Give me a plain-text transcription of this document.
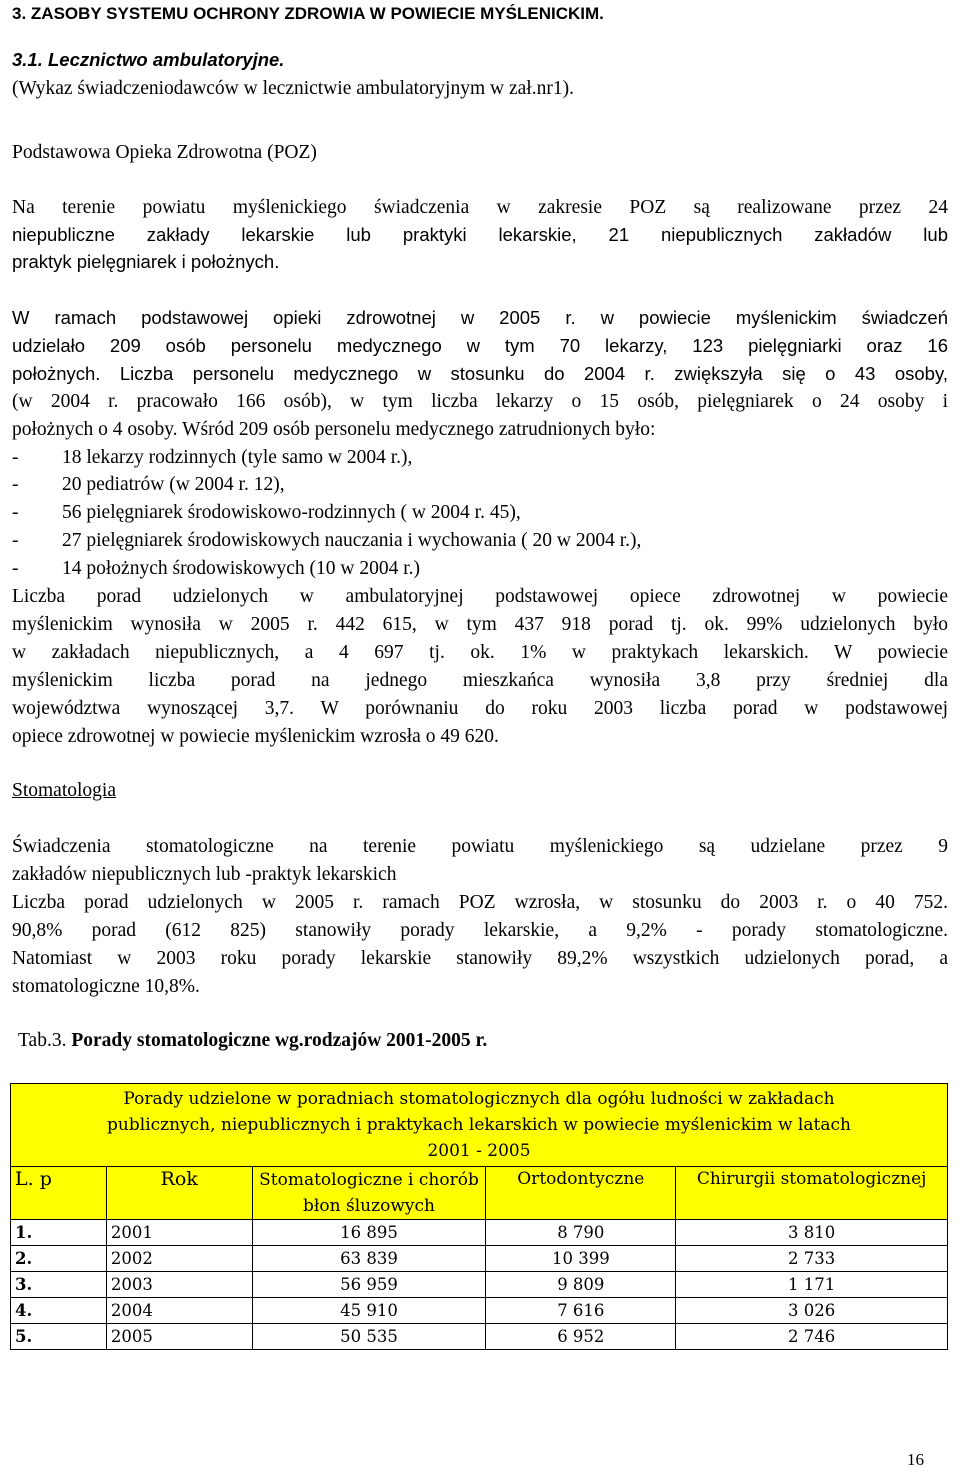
3. ZASOBY SYSTEMU OCHRONY ZDROWIA W POWIECIE MYŚLENICKIM.
3.1. Lecznictwo ambulatoryjne.
(Wykaz świadczeniodawców w lecznictwie ambulatoryjnym w zał.nr1).
Podstawowa Opieka Zdrowotna (POZ)
Na terenie powiatu myślenickiego świadczenia w zakresie POZ są realizowane przez 24
niepubliczne zakłady lekarskie lub praktyki lekarskie, 21 niepublicznych zakładów lub
praktyk pielęgniarek i położnych.
W ramach podstawowej opieki zdrowotnej w 2005 r. w powiecie myślenickim świadczeń
udzielało 209 osób personelu medycznego w tym 70 lekarzy, 123 pielęgniarki oraz 16
położnych. Liczba personelu medycznego w stosunku do 2004 r. zwiększyła się o 43 osoby,
(w 2004 r. pracowało 166 osób), w tym liczba lekarzy o 15 osób, pielęgniarek o 24 osoby i
położnych o 4 osoby. Wśród 209 osób personelu medycznego zatrudnionych było:
- 18 lekarzy rodzinnych (tyle samo w 2004 r.),
- 20 pediatrów (w 2004 r. 12),
- 56 pielęgniarek środowiskowo-rodzinnych ( w 2004 r. 45),
- 27 pielęgniarek środowiskowych nauczania i wychowania ( 20 w 2004 r.),
- 14 położnych środowiskowych (10 w 2004 r.)
Liczba porad udzielonych w ambulatoryjnej podstawowej opiece zdrowotnej w powiecie
myślenickim wynosiła w 2005 r. 442 615, w tym 437 918 porad tj. ok. 99% udzielonych było
w zakładach niepublicznych, a 4 697 tj. ok. 1% w praktykach lekarskich. W powiecie
myślenickim liczba porad na jednego mieszkańca wynosiła 3,8 przy średniej dla
województwa wynoszącej 3,7. W porównaniu do roku 2003 liczba porad w podstawowej
opiece zdrowotnej w powiecie myślenickim wzrosła o 49 620.
Stomatologia
Świadczenia stomatologiczne na terenie powiatu myślenickiego są udzielane przez 9
zakładów niepublicznych lub -praktyk lekarskich
Liczba porad udzielonych w 2005 r. ramach POZ wzrosła, w stosunku do 2003 r. o 40 752.
90,8% porad (612 825) stanowiły porady lekarskie, a 9,2% - porady stomatologiczne.
Natomiast w 2003 roku porady lekarskie stanowiły 89,2% wszystkich udzielonych porad, a
stomatologiczne 10,8%.
Tab.3. Porady stomatologiczne wg.rodzajów 2001-2005 r.
Porady udzielone w poradniach stomatologicznych dla ogółu ludności w zakładach
publicznych, niepublicznych i praktykach lekarskich w powiecie myślenickim w latach
2001 - 2005				

L. p	Rok	Stomatologiczne i chorób błon śluzowych	Ortodontyczne	Chirurgii stomatologicznej
1.	2001	16 895	8 790	3 810
2.	2002	63 839	10 399	2 733
3.	2003	56 959	9 809	1 171
4.	2004	45 910	7 616	3 026
5.	2005	50 535	6 952	2 746
16
